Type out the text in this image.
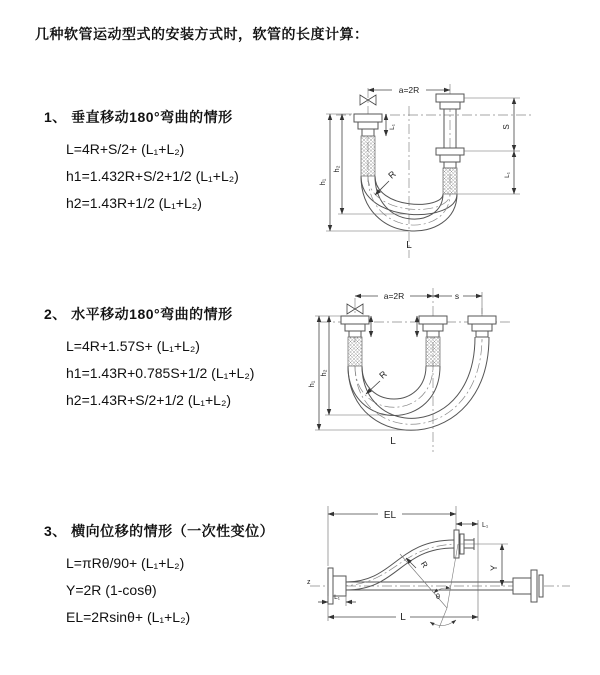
几种软管运动型式的安装方式时，软管的长度计算：
1、 垂直移动180°弯曲的情形
L=4R+S/2+ (L₁+L₂)
h1=1.432R+S/2+1/2 (L₁+L₂)
h2=1.43R+1/2 (L₁+L₂)
2、 水平移动180°弯曲的情形
L=4R+1.57S+ (L₁+L₂)
h1=1.43R+0.785S+1/2 (L₁+L₂)
h2=1.43R+S/2+1/2 (L₁+L₂)
3、 横向位移的情形（一次性变位）
L=πRθ/90+ (L₁+L₂)
Y=2R (1-cosθ)
EL=2Rsinθ+ (L₁+L₂)
a=2R
L₁
h₁
h₂
S
L₁
R
L
a=2R	s
h₁
h₂	R
L
z
EL
L₁
L₁
Y
L
θ
R
